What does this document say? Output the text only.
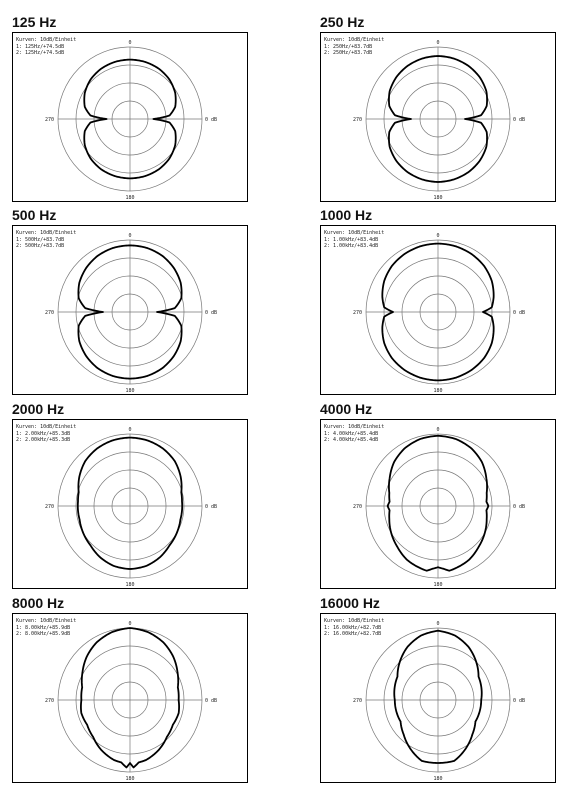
125 Hz
Kurven: 10dB/Einheit
1: 125Hz/+74.5dB
2: 125Hz/+74.5dB
0
270	0 dB
180
250 Hz
Kurven: 10dB/Einheit
1: 250Hz/+83.7dB
2: 250Hz/+83.7dB
0
270	0 dB
180
500 Hz
Kurven: 10dB/Einheit
1: 500Hz/+83.7dB
2: 500Hz/+83.7dB
0
270	0 dB
180
1000 Hz
Kurven: 10dB/Einheit
1: 1.00kHz/+83.4dB
2: 1.00kHz/+83.4dB
0
270	0 dB
180
2000 Hz
Kurven: 10dB/Einheit
1: 2.00kHz/+85.3dB
2: 2.00kHz/+85.3dB
0
270	0 dB
180
4000 Hz
Kurven: 10dB/Einheit
1: 4.00kHz/+85.4dB
2: 4.00kHz/+85.4dB
0
270	0 dB
180
8000 Hz
Kurven: 10dB/Einheit
1: 8.00kHz/+85.9dB
2: 8.00kHz/+85.9dB
0
270	0 dB
180
16000 Hz
Kurven: 10dB/Einheit
1: 16.00kHz/+82.7dB
2: 16.00kHz/+82.7dB
0
270	0 dB
180
